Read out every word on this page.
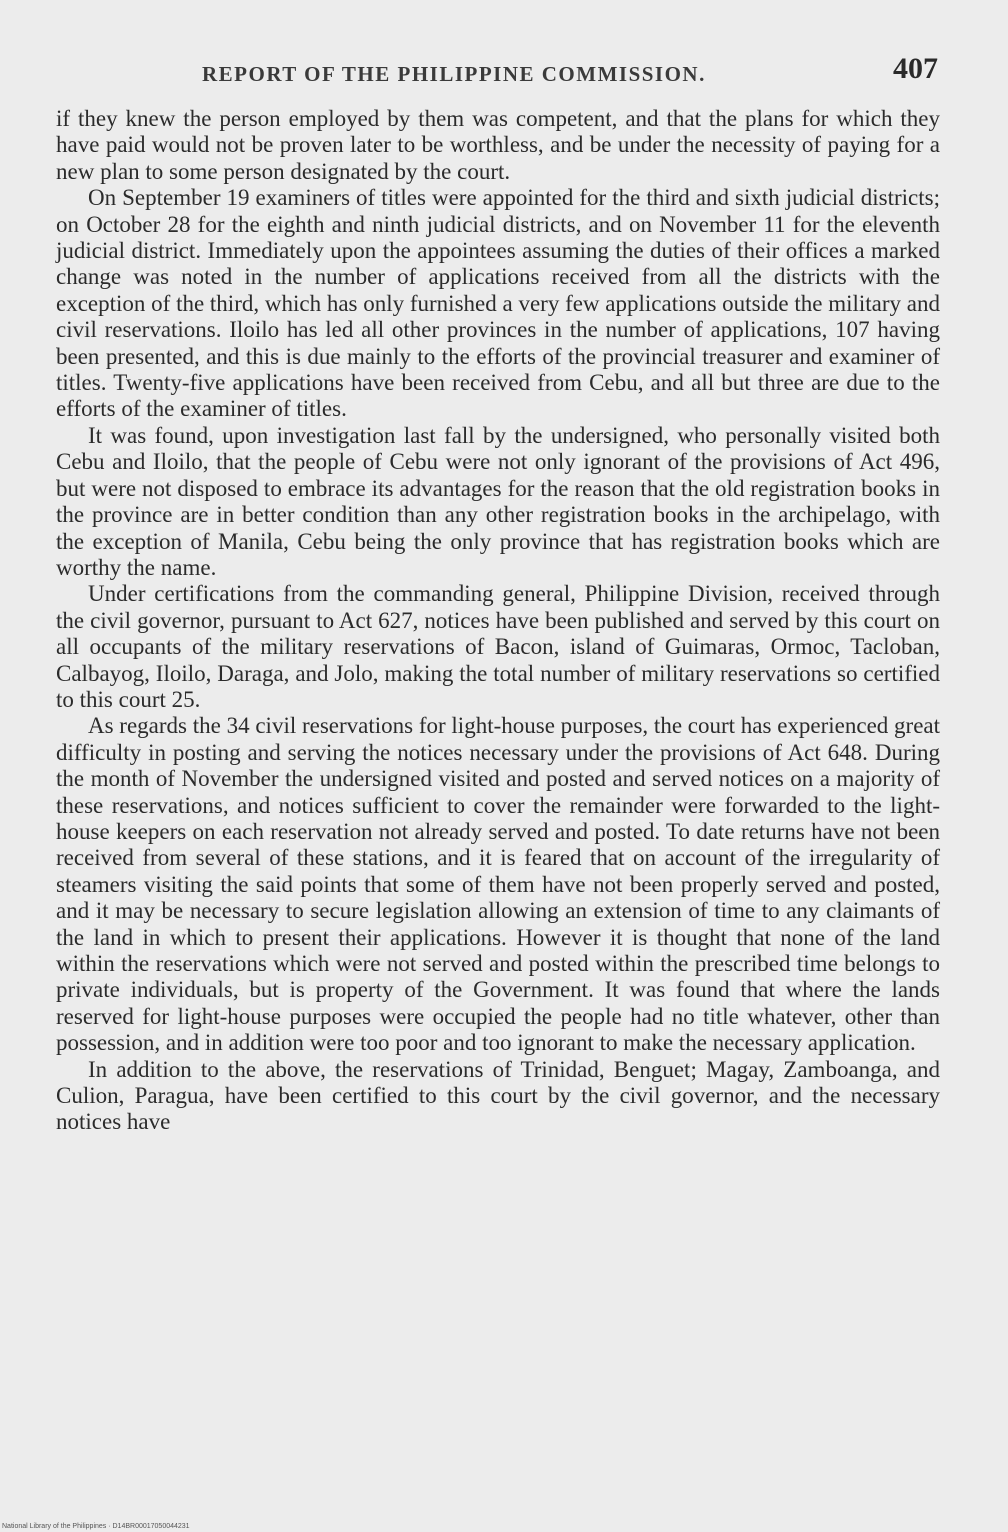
REPORT OF THE PHILIPPINE COMMISSION.	407

if they knew the person employed by them was competent, and that the plans for which they have paid would not be proven later to be worthless, and be under the necessity of paying for a new plan to some person designated by the court.

On September 19 examiners of titles were appointed for the third and sixth judicial districts; on October 28 for the eighth and ninth judicial districts, and on November 11 for the eleventh judicial district. Immediately upon the appointees assuming the duties of their offices a marked change was noted in the number of applications received from all the districts with the exception of the third, which has only furnished a very few applications outside the military and civil reservations. Iloilo has led all other provinces in the number of applications, 107 having been presented, and this is due mainly to the efforts of the provincial treasurer and examiner of titles. Twenty-five applications have been received from Cebu, and all but three are due to the efforts of the examiner of titles.

It was found, upon investigation last fall by the undersigned, who personally visited both Cebu and Iloilo, that the people of Cebu were not only ignorant of the provisions of Act 496, but were not disposed to embrace its advantages for the reason that the old registration books in the province are in better condition than any other registration books in the archipelago, with the exception of Manila, Cebu being the only province that has registration books which are worthy the name.

Under certifications from the commanding general, Philippine Division, received through the civil governor, pursuant to Act 627, notices have been published and served by this court on all occupants of the military reservations of Bacon, island of Guimaras, Ormoc, Tacloban, Calbayog, Iloilo, Daraga, and Jolo, making the total number of military reservations so certified to this court 25.

As regards the 34 civil reservations for light-house purposes, the court has experienced great difficulty in posting and serving the notices necessary under the provisions of Act 648. During the month of November the undersigned visited and posted and served notices on a majority of these reservations, and notices sufficient to cover the remainder were forwarded to the light-house keepers on each reservation not already served and posted. To date returns have not been received from several of these stations, and it is feared that on account of the irregularity of steamers visiting the said points that some of them have not been properly served and posted, and it may be necessary to secure legislation allowing an extension of time to any claimants of the land in which to present their applications. However it is thought that none of the land within the reservations which were not served and posted within the prescribed time belongs to private individuals, but is property of the Government. It was found that where the lands reserved for light-house purposes were occupied the people had no title whatever, other than possession, and in addition were too poor and too ignorant to make the necessary application.

In addition to the above, the reservations of Trinidad, Benguet; Magay, Zamboanga, and Culion, Paragua, have been certified to this court by the civil governor, and the necessary notices have

National Library of the Philippines · D14BR00017050044231
